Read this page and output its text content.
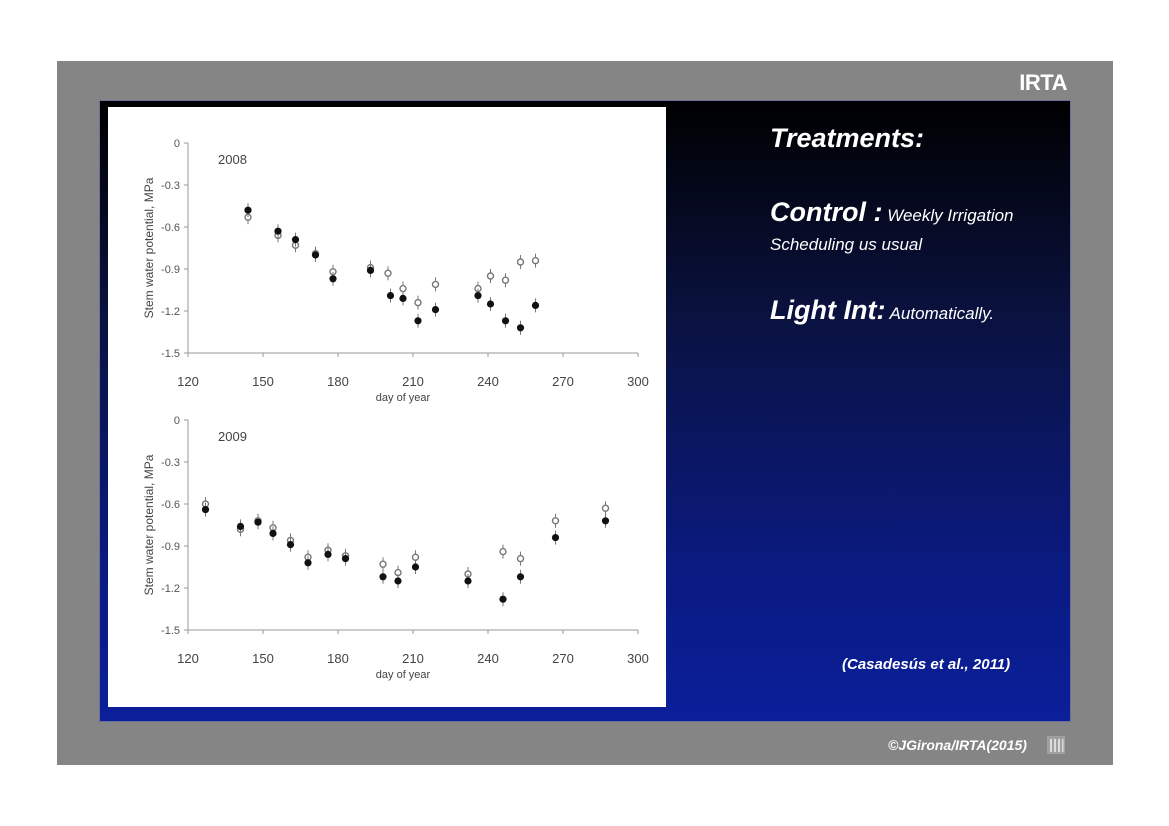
IRTA
0
-0.3
-0.6
-0.9
-1.2
-1.5
120	150	180	210	240	270	300
day of year
Stem water potential, MPa
2008
0
-0.3
-0.6
-0.9
-1.2
-1.5
120	150	180	210	240	270	300
day of year
Stem water potential, MPa
2009
Treatments:
Control : Weekly Irrigation
Scheduling us usual
Light Int: Automatically.
(Casadesús et al., 2011)
©JGirona/IRTA(2015)
